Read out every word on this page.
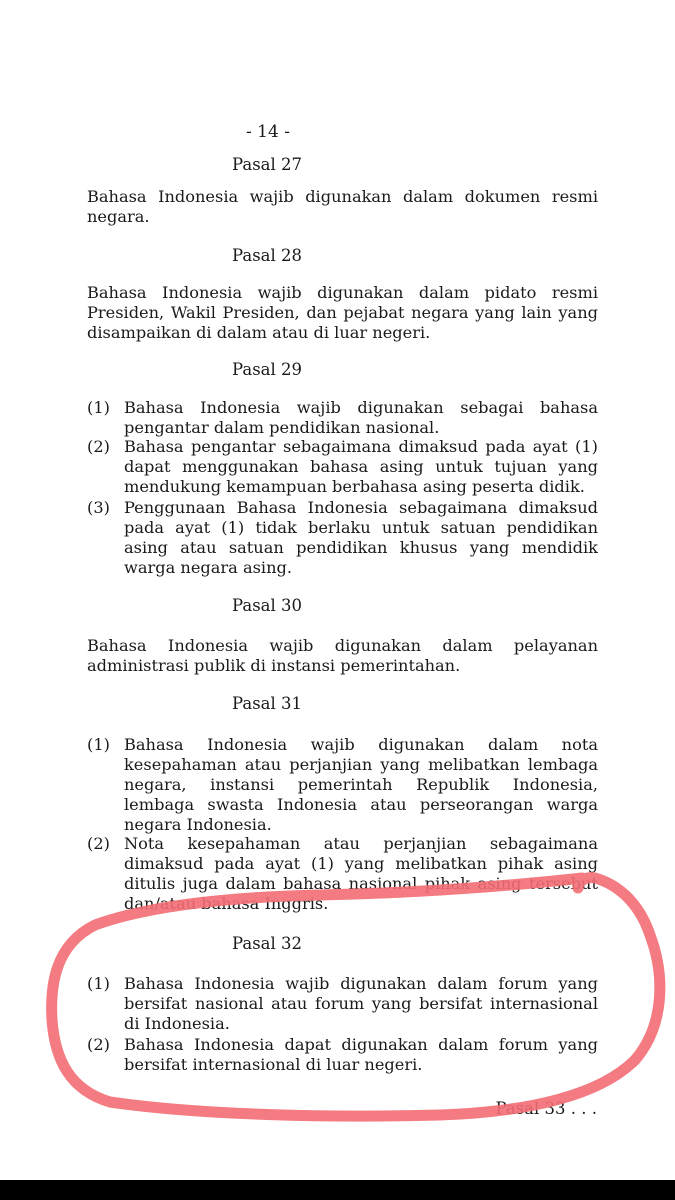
- 14 -
Pasal 27

Bahasa Indonesia wajib digunakan dalam dokumen resmi negara.

Pasal 28

Bahasa Indonesia wajib digunakan dalam pidato resmi Presiden, Wakil Presiden, dan pejabat negara yang lain yang disampaikan di dalam atau di luar negeri.

Pasal 29
(1) Bahasa Indonesia wajib digunakan sebagai bahasa pengantar dalam pendidikan nasional.
(2) Bahasa pengantar sebagaimana dimaksud pada ayat (1) dapat menggunakan bahasa asing untuk tujuan yang mendukung kemampuan berbahasa asing peserta didik.
(3) Penggunaan Bahasa Indonesia sebagaimana dimaksud pada ayat (1) tidak berlaku untuk satuan pendidikan asing atau satuan pendidikan khusus yang mendidik warga negara asing.
Pasal 30

Bahasa Indonesia wajib digunakan dalam pelayanan administrasi publik di instansi pemerintahan.

Pasal 31
(1) Bahasa Indonesia wajib digunakan dalam nota kesepahaman atau perjanjian yang melibatkan lembaga negara, instansi pemerintah Republik Indonesia, lembaga swasta Indonesia atau perseorangan warga negara Indonesia.
(2) Nota kesepahaman atau perjanjian sebagaimana dimaksud pada ayat (1) yang melibatkan pihak asing ditulis juga dalam bahasa nasional pihak asing tersebut dan/atau bahasa Inggris.
Pasal 32
(1) Bahasa Indonesia wajib digunakan dalam forum yang bersifat nasional atau forum yang bersifat internasional di Indonesia.
(2) Bahasa Indonesia dapat digunakan dalam forum yang bersifat internasional di luar negeri.
Pasal 33 . . .
